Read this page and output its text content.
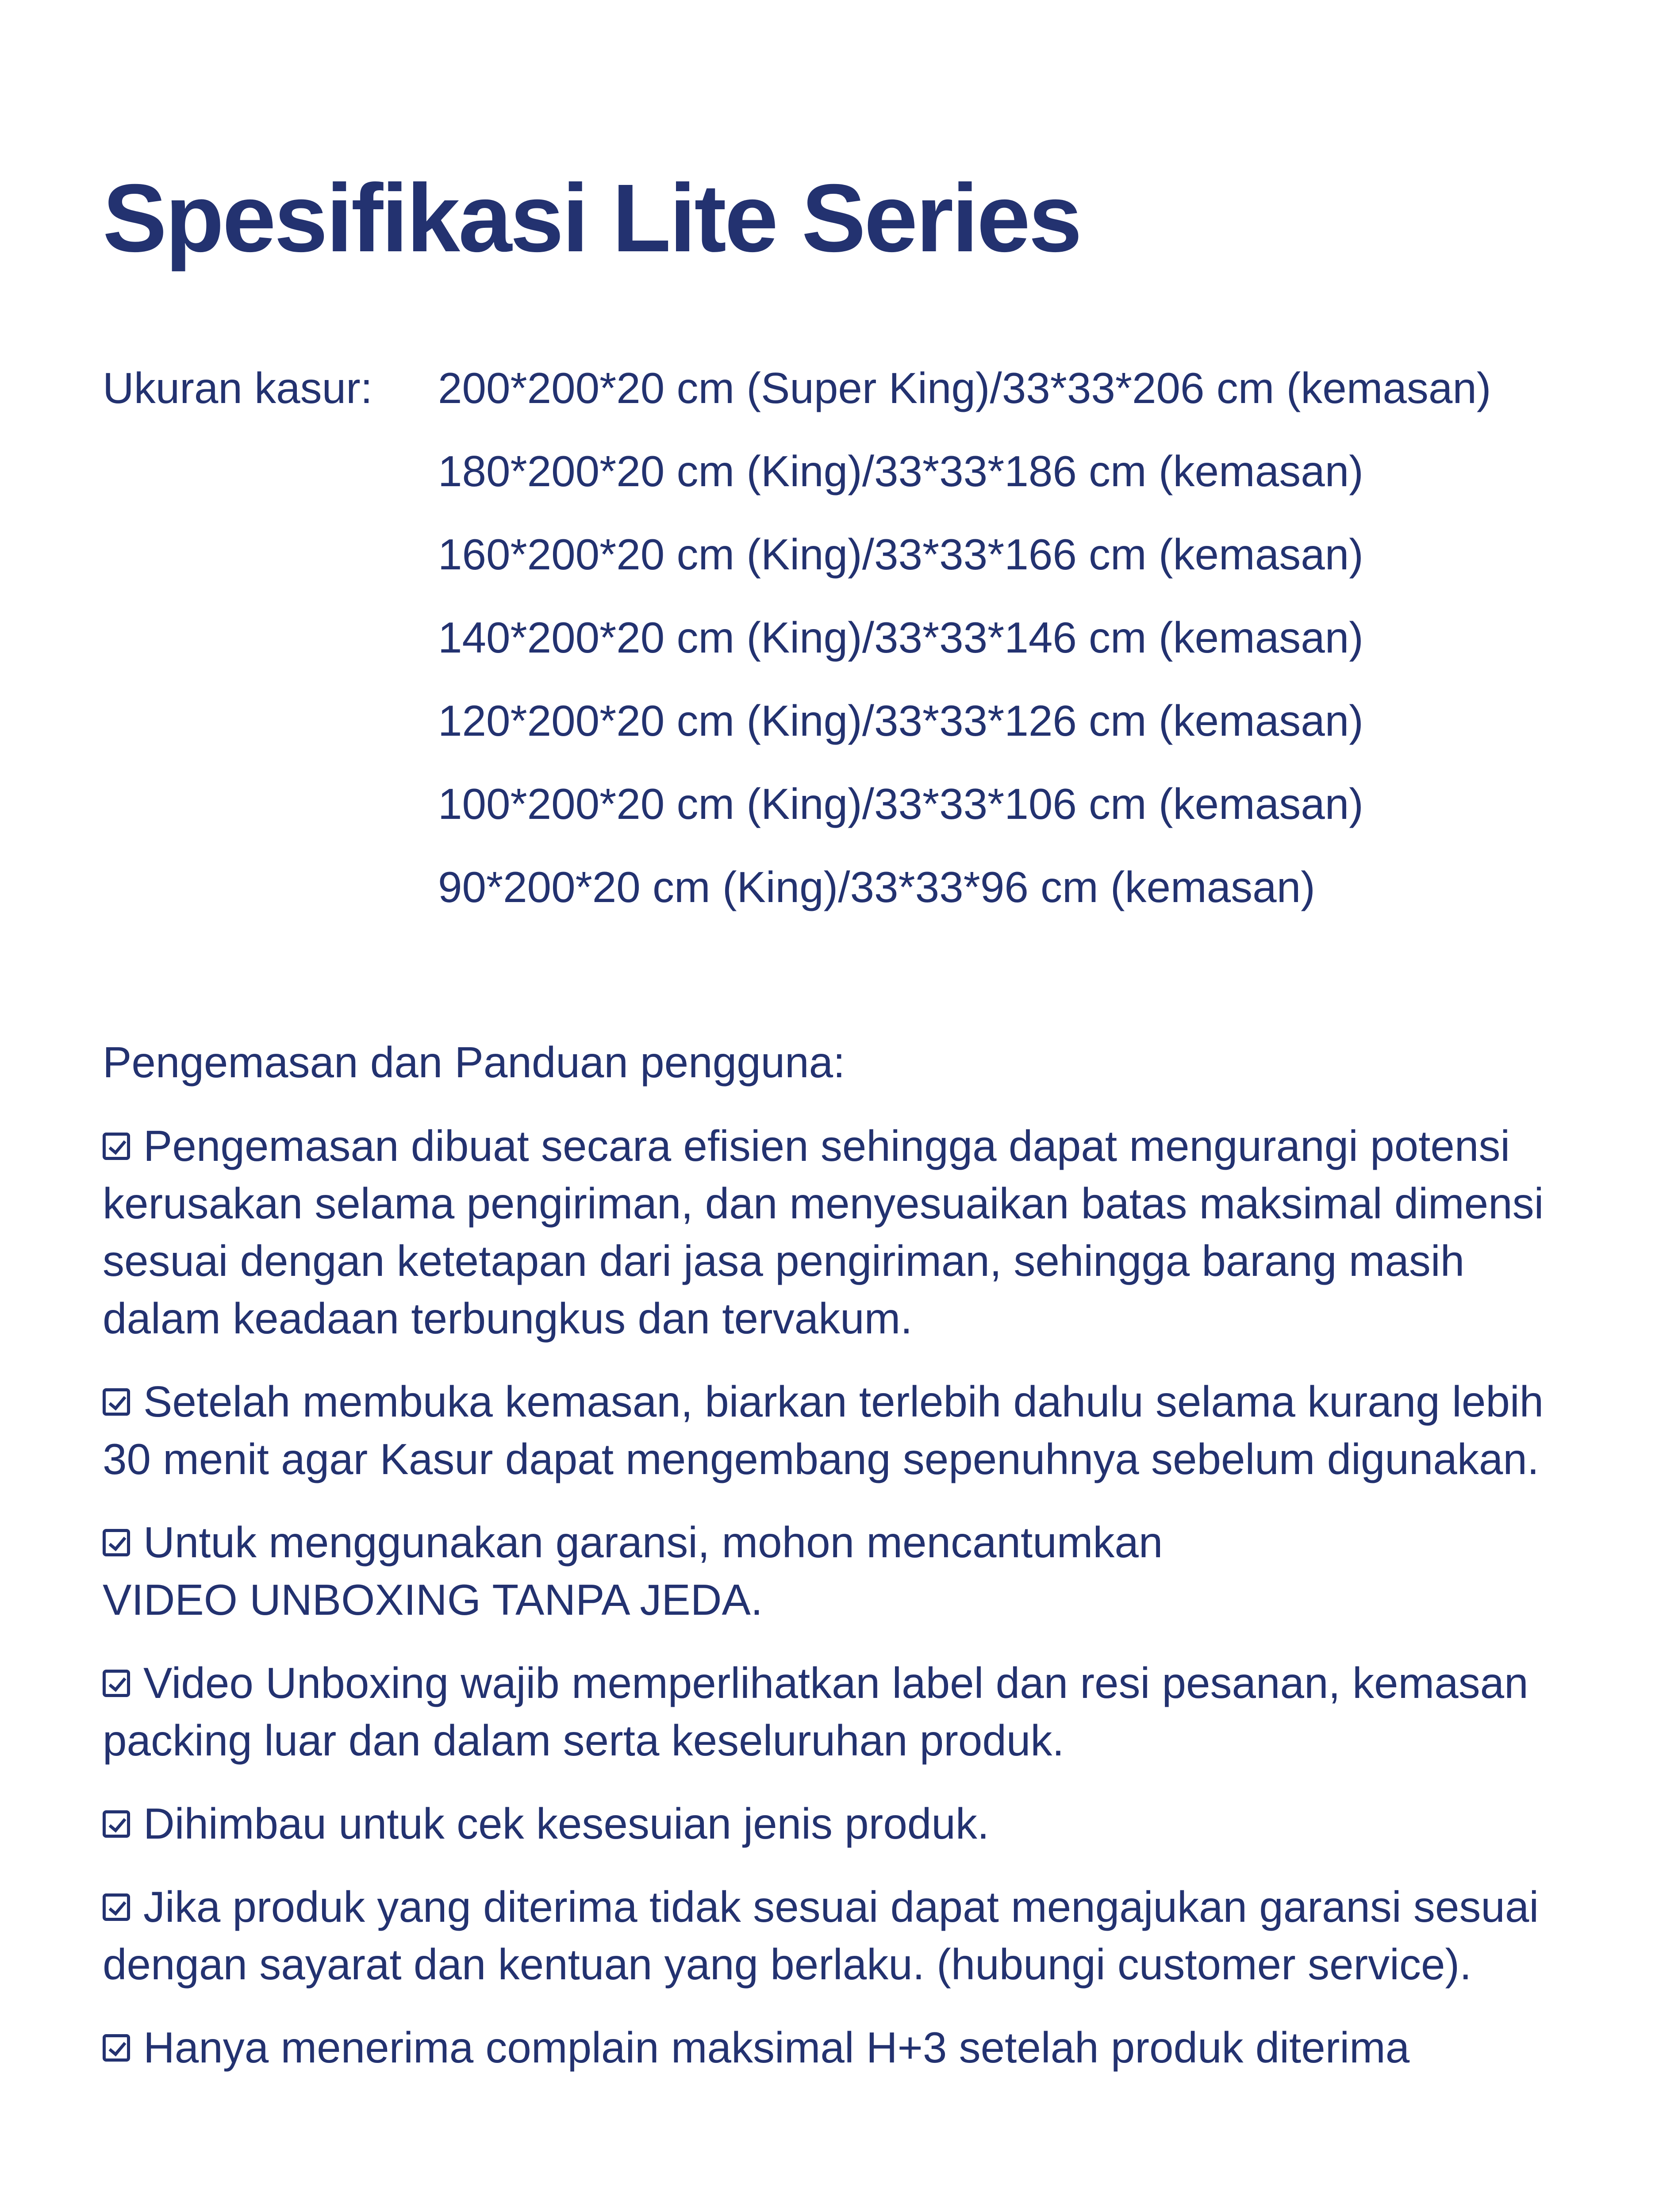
Spesifikasi Lite Series
Ukuran kasur: 200*200*20 cm (Super King)/33*33*206 cm (kemasan)
180*200*20 cm (King)/33*33*186 cm (kemasan)
160*200*20 cm (King)/33*33*166 cm (kemasan)
140*200*20 cm (King)/33*33*146 cm (kemasan)
120*200*20 cm (King)/33*33*126 cm (kemasan)
100*200*20 cm (King)/33*33*106 cm (kemasan)
90*200*20 cm (King)/33*33*96 cm (kemasan)
Pengemasan dan Panduan pengguna:
Pengemasan dibuat secara efisien sehingga dapat mengurangi potensi
kerusakan selama pengiriman, dan menyesuaikan batas maksimal dimensi
sesuai dengan ketetapan dari jasa pengiriman, sehingga barang masih
dalam keadaan terbungkus dan tervakum.
Setelah membuka kemasan, biarkan terlebih dahulu selama kurang lebih
30 menit agar Kasur dapat mengembang sepenuhnya sebelum digunakan.
Untuk menggunakan garansi, mohon mencantumkan
VIDEO UNBOXING TANPA JEDA.
Video Unboxing wajib memperlihatkan label dan resi pesanan, kemasan
packing luar dan dalam serta keseluruhan produk.
Dihimbau untuk cek kesesuian jenis produk.
Jika produk yang diterima tidak sesuai dapat mengajukan garansi sesuai
dengan sayarat dan kentuan yang berlaku. (hubungi customer service).
Hanya menerima complain maksimal H+3 setelah produk diterima
